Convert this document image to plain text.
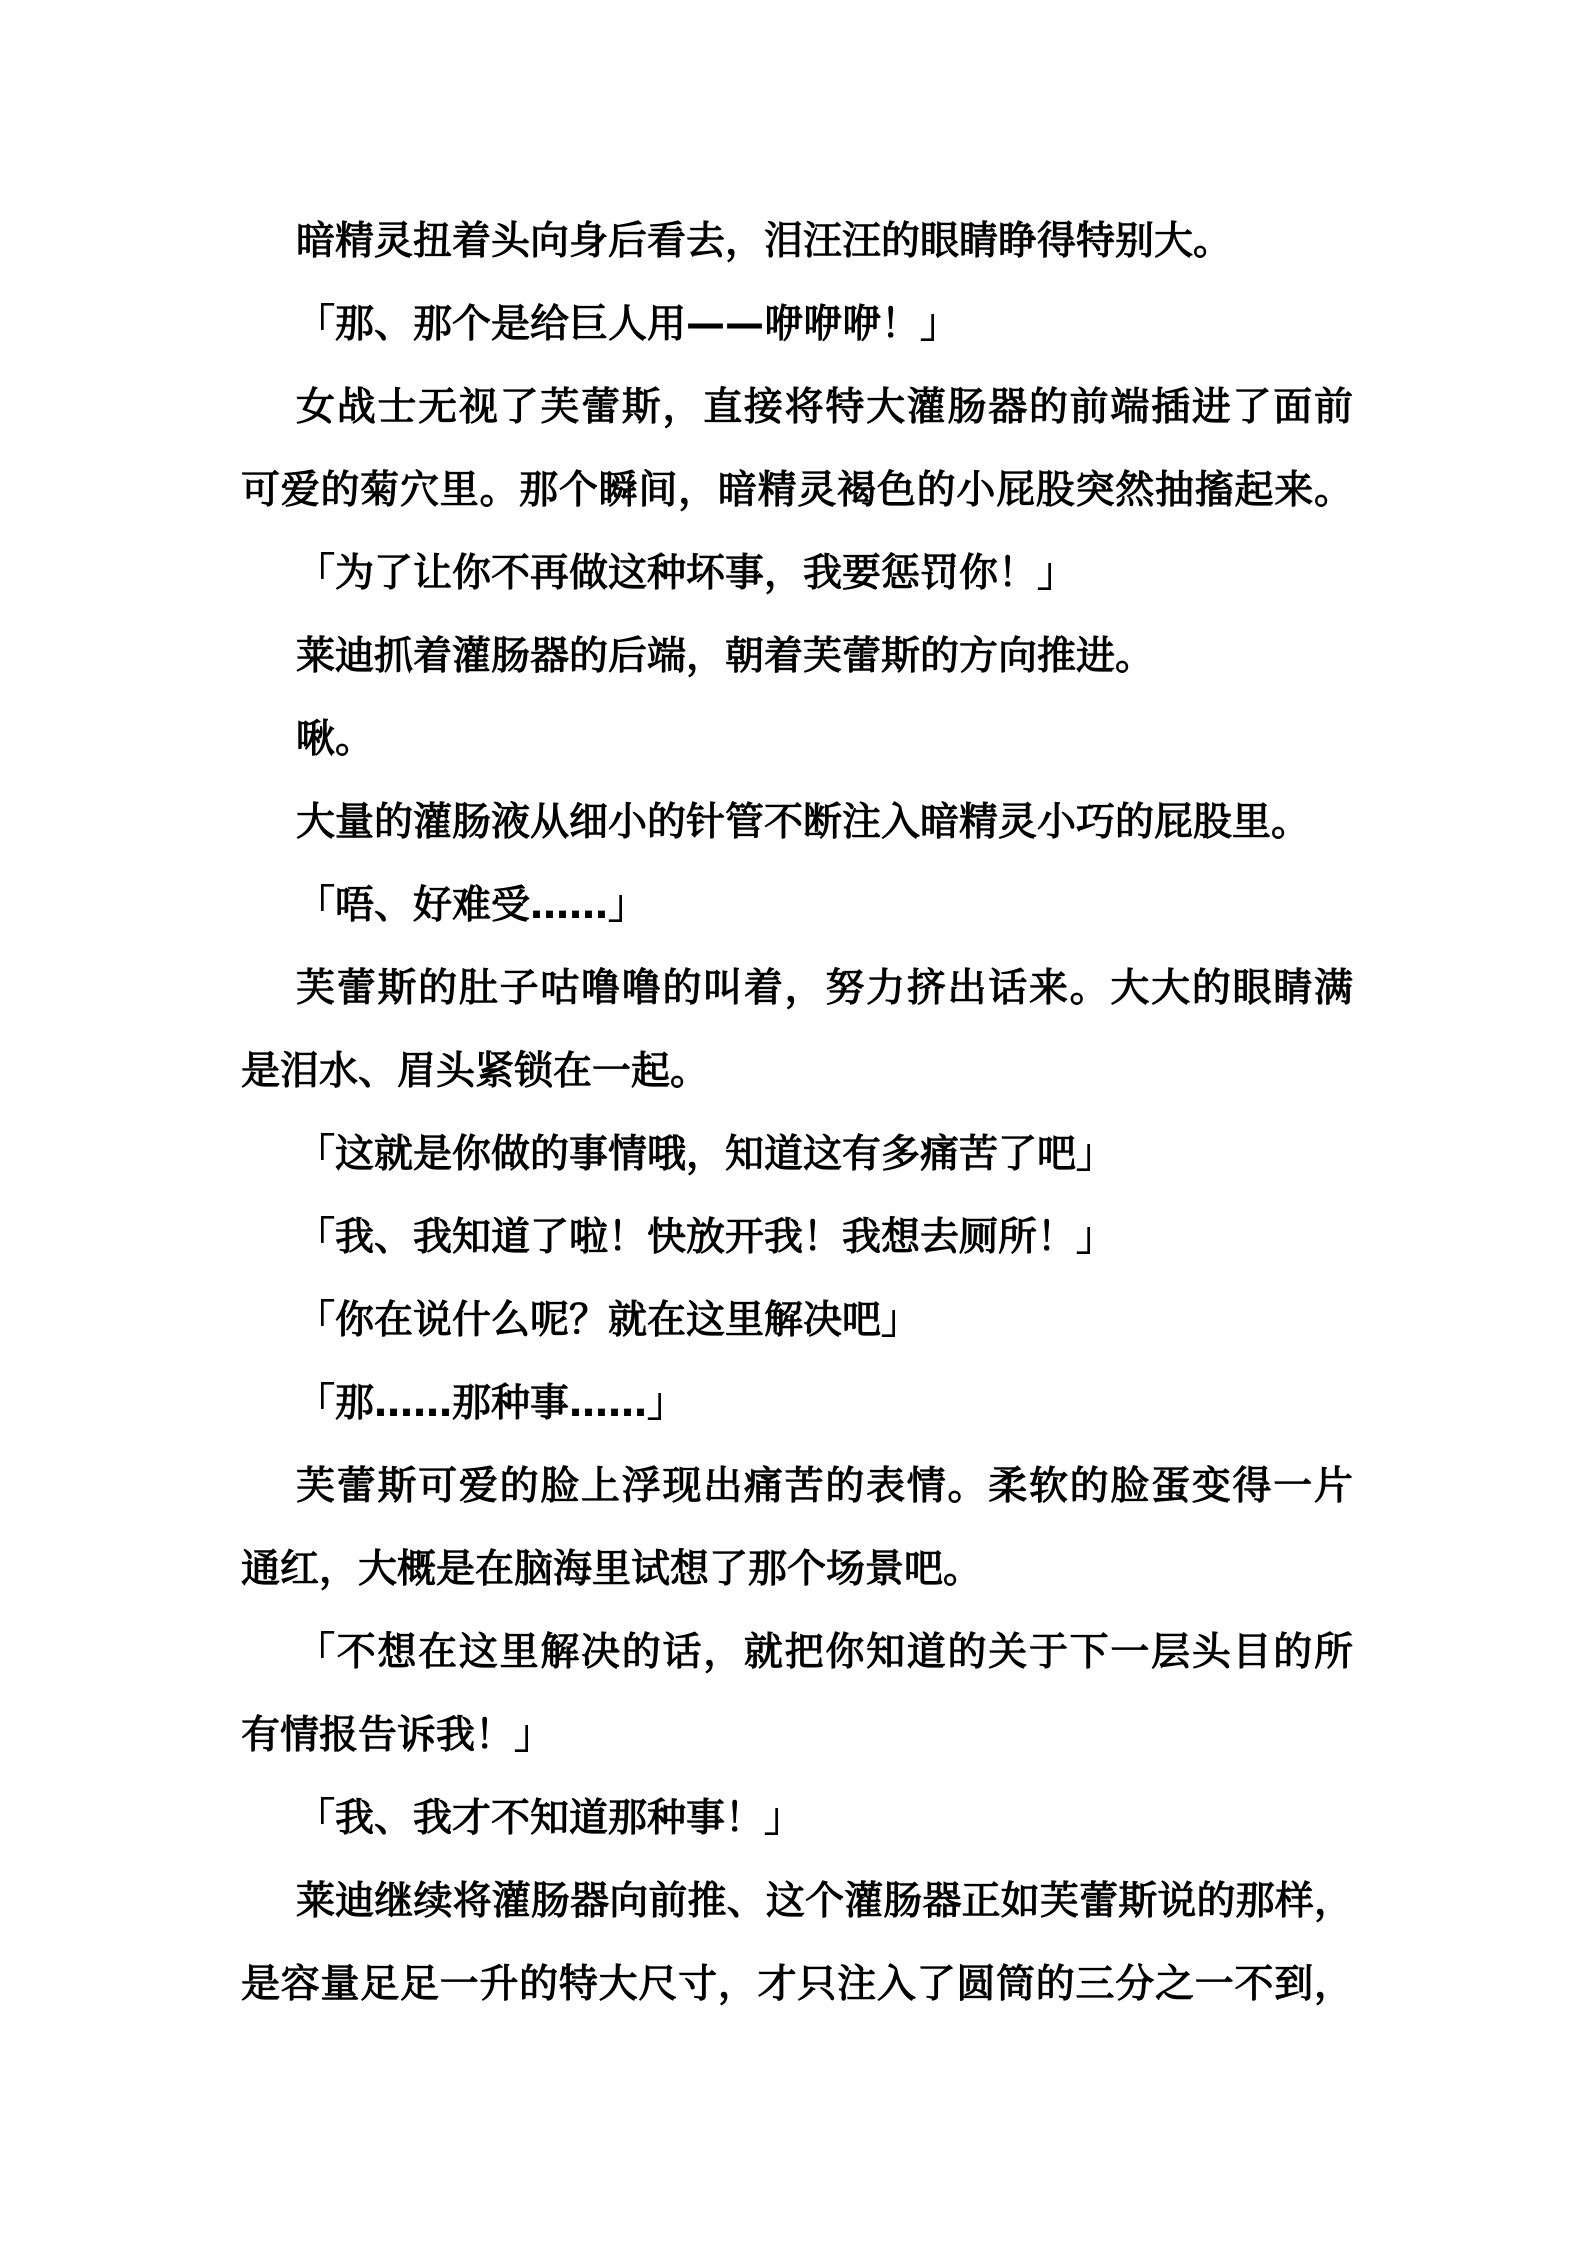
暗精灵扭着头向身后看去，泪汪汪的眼睛睁得特别大。
「那、那个是给巨人用——咿咿咿！」
女战士无视了芙蕾斯，直接将特大灌肠器的前端插进了面前
可爱的菊穴里。那个瞬间，暗精灵褐色的小屁股突然抽搐起来。
「为了让你不再做这种坏事，我要惩罚你！」
莱迪抓着灌肠器的后端，朝着芙蕾斯的方向推进。
啾。
大量的灌肠液从细小的针管不断注入暗精灵小巧的屁股里。
「唔、好难受……」
芙蕾斯的肚子咕噜噜的叫着，努力挤出话来。大大的眼睛满
是泪水、眉头紧锁在一起。
「这就是你做的事情哦，知道这有多痛苦了吧」
「我、我知道了啦！快放开我！我想去厕所！」
「你在说什么呢？就在这里解决吧」
「那……那种事……」
芙蕾斯可爱的脸上浮现出痛苦的表情。柔软的脸蛋变得一片
通红，大概是在脑海里试想了那个场景吧。
「不想在这里解决的话，就把你知道的关于下一层头目的所
有情报告诉我！」
「我、我才不知道那种事！」
莱迪继续将灌肠器向前推、这个灌肠器正如芙蕾斯说的那样，
是容量足足一升的特大尺寸，才只注入了圆筒的三分之一不到，
